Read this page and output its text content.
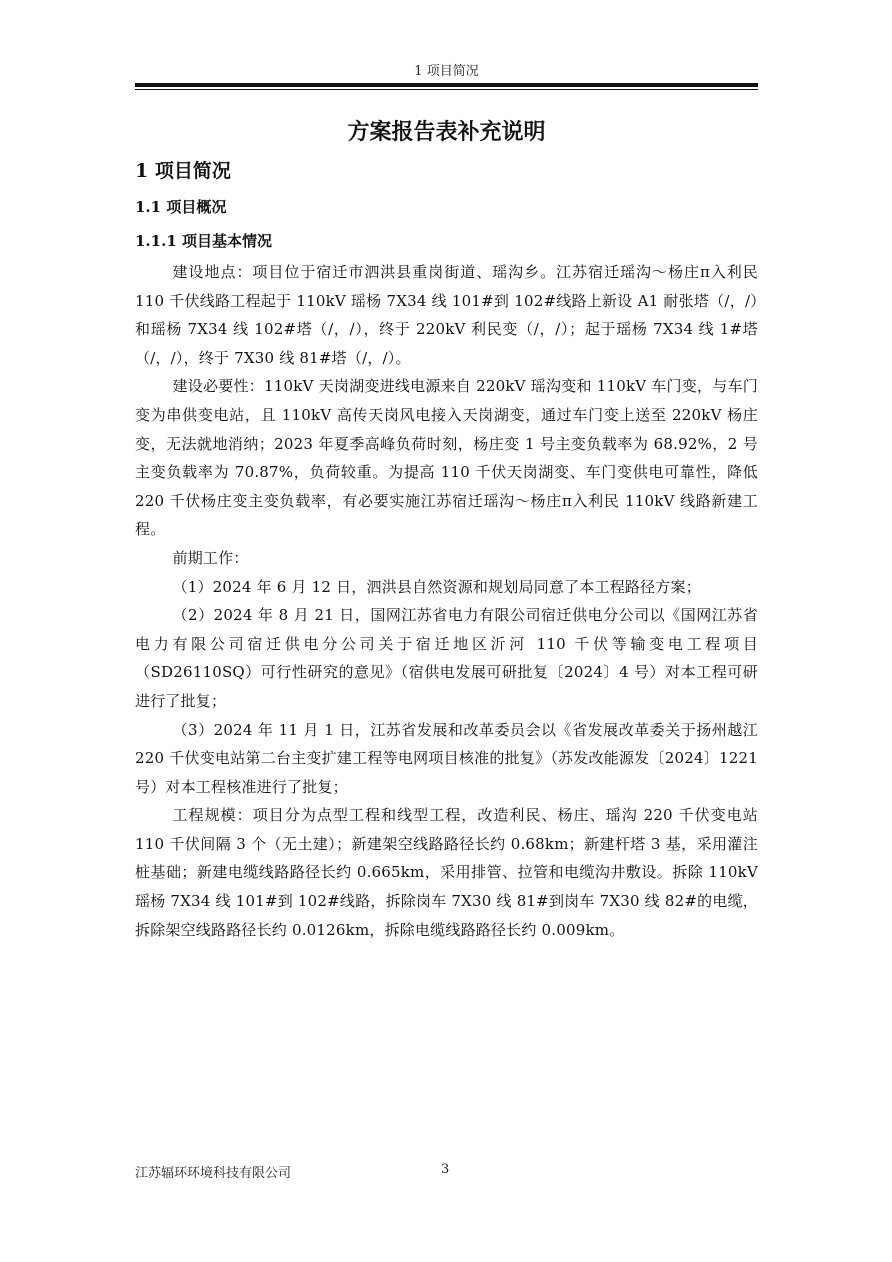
1 项目简况
方案报告表补充说明
1 项目简况
1.1 项目概况
1.1.1 项目基本情况

建设地点：项目位于宿迁市泗洪县重岗街道、瑶沟乡。江苏宿迁瑶沟～杨庄π入利民 110 千伏线路工程起于 110kV 瑶杨 7X34 线 101#到 102#线路上新设 A1 耐张塔（/，/）和瑶杨 7X34 线 102#塔（/，/），终于 220kV 利民变（/，/）；起于瑶杨 7X34 线 1#塔（/，/），终于 7X30 线 81#塔（/，/）。

建设必要性：110kV 天岗湖变进线电源来自 220kV 瑶沟变和 110kV 车门变，与车门变为串供变电站，且 110kV 高传天岗风电接入天岗湖变，通过车门变上送至 220kV 杨庄变，无法就地消纳；2023 年夏季高峰负荷时刻，杨庄变 1 号主变负载率为 68.92%，2 号主变负载率为 70.87%，负荷较重。为提高 110 千伏天岗湖变、车门变供电可靠性，降低 220 千伏杨庄变主变负载率，有必要实施江苏宿迁瑶沟～杨庄π入利民 110kV 线路新建工程。

前期工作：

（1）2024 年 6 月 12 日，泗洪县自然资源和规划局同意了本工程路径方案；

（2）2024 年 8 月 21 日，国网江苏省电力有限公司宿迁供电分公司以《国网江苏省电力有限公司宿迁供电分公司关于宿迁地区沂河 110 千伏等输变电工程项目（SD26110SQ）可行性研究的意见》（宿供电发展可研批复〔2024〕4 号）对本工程可研进行了批复；

（3）2024 年 11 月 1 日，江苏省发展和改革委员会以《省发展改革委关于扬州越江 220 千伏变电站第二台主变扩建工程等电网项目核准的批复》（苏发改能源发〔2024〕1221 号）对本工程核准进行了批复；

工程规模：项目分为点型工程和线型工程，改造利民、杨庄、瑶沟 220 千伏变电站 110 千伏间隔 3 个（无土建）；新建架空线路路径长约 0.68km；新建杆塔 3 基，采用灌注桩基础；新建电缆线路路径长约 0.665km，采用排管、拉管和电缆沟井敷设。拆除 110kV 瑶杨 7X34 线 101#到 102#线路，拆除岗车 7X30 线 81#到岗车 7X30 线 82#的电缆，拆除架空线路路径长约 0.0126km，拆除电缆线路路径长约 0.009km。

江苏辐环环境科技有限公司	3
